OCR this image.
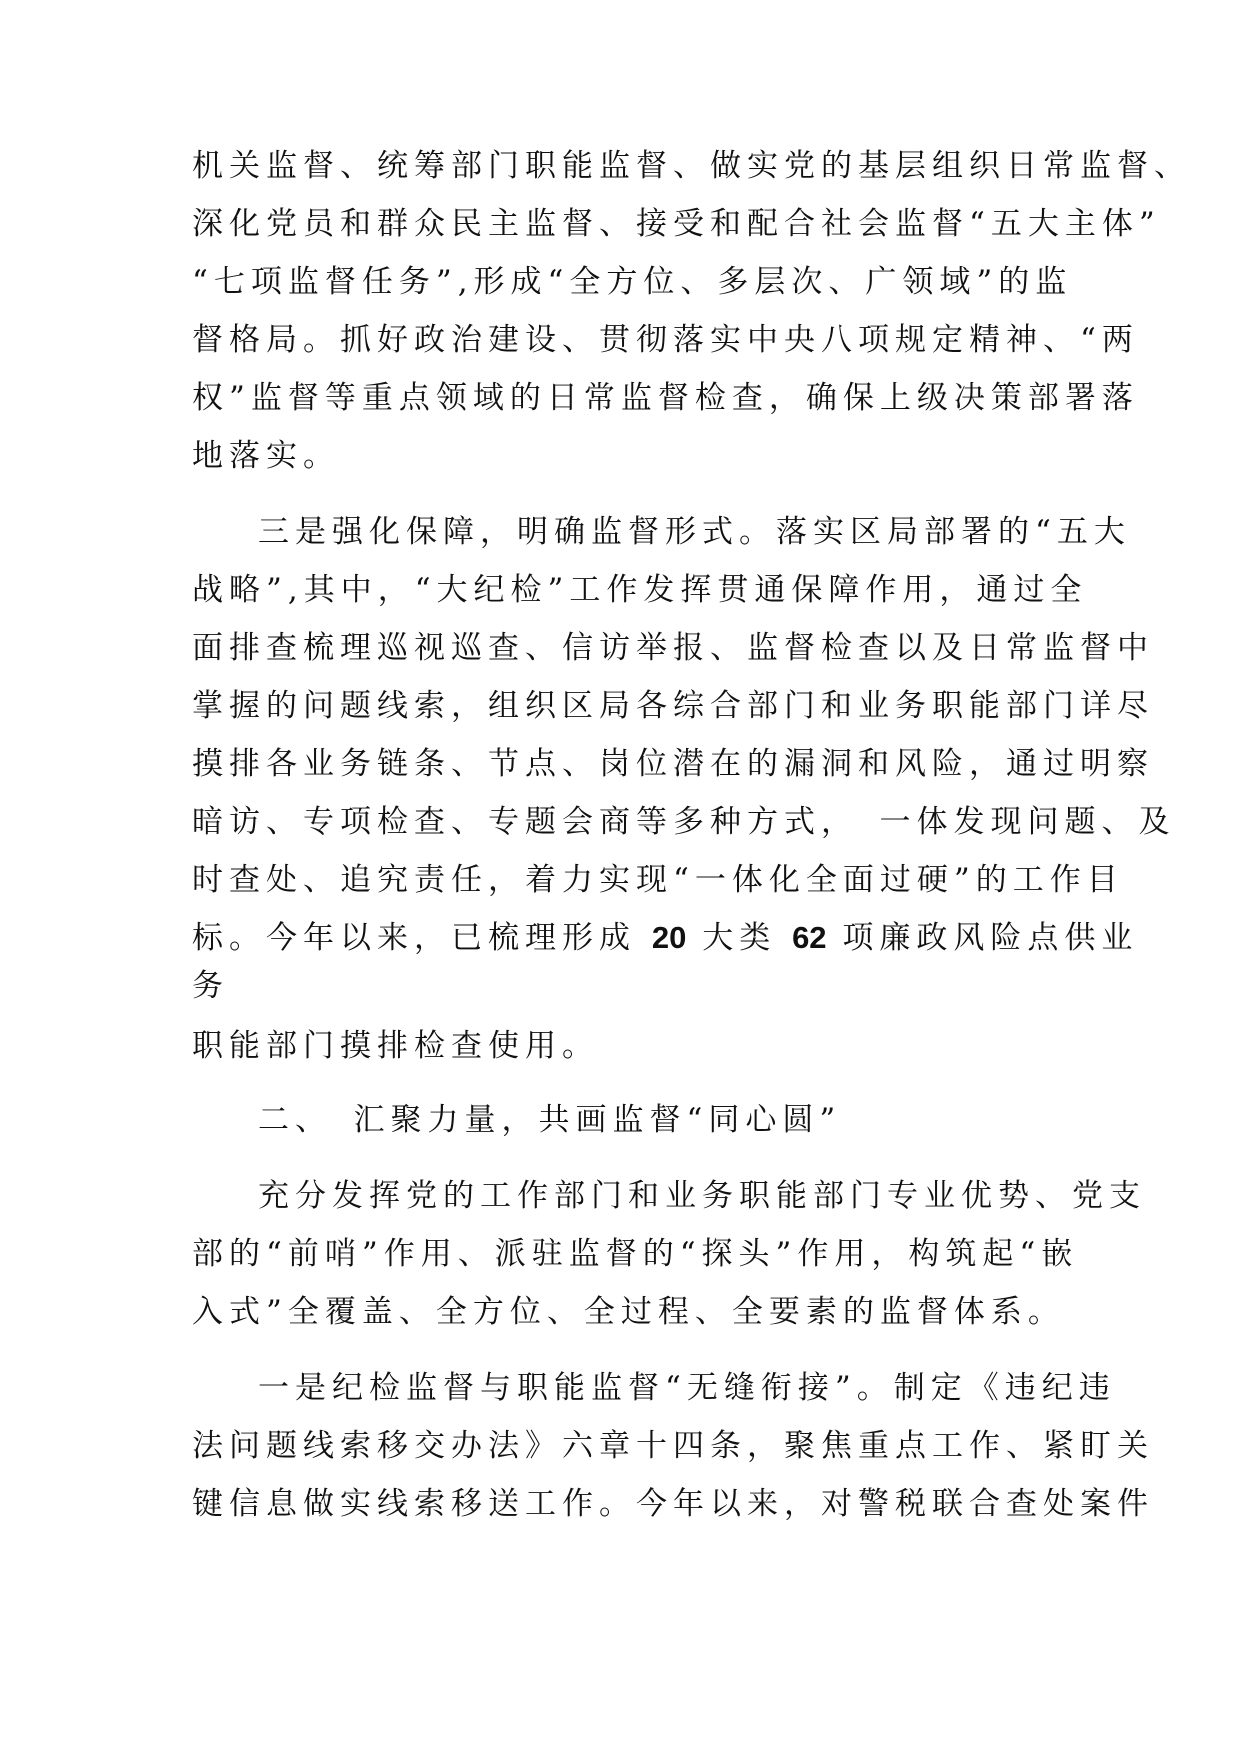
机关监督、统筹部门职能监督、做实党的基层组织日常监督、
深化党员和群众民主监督、接受和配合社会监督“五大主体”
“七项监督任务”,形成“全方位、多层次、广领域”的监
督格局。抓好政治建设、贯彻落实中央八项规定精神、“两
权”监督等重点领域的日常监督检查，确保上级决策部署落
地落实。
三是强化保障，明确监督形式。落实区局部署的“五大
战略”,其中，“大纪检”工作发挥贯通保障作用，通过全
面排查梳理巡视巡查、信访举报、监督检查以及日常监督中
掌握的问题线索，组织区局各综合部门和业务职能部门详尽
摸排各业务链条、节点、岗位潜在的漏洞和风险，通过明察
暗访、专项检查、专题会商等多种方式，　一体发现问题、及
时查处、追究责任，着力实现“一体化全面过硬”的工作目
标。今年以来，已梳理形成 20 大类 62 项廉政风险点供业
务
职能部门摸排检查使用。
二、　汇聚力量，共画监督“同心圆”
充分发挥党的工作部门和业务职能部门专业优势、党支
部的“前哨”作用、派驻监督的“探头”作用，构筑起“嵌
入式”全覆盖、全方位、全过程、全要素的监督体系。
一是纪检监督与职能监督“无缝衔接”。制定《违纪违
法问题线索移交办法》六章十四条，聚焦重点工作、紧盯关
键信息做实线索移送工作。今年以来，对警税联合查处案件
